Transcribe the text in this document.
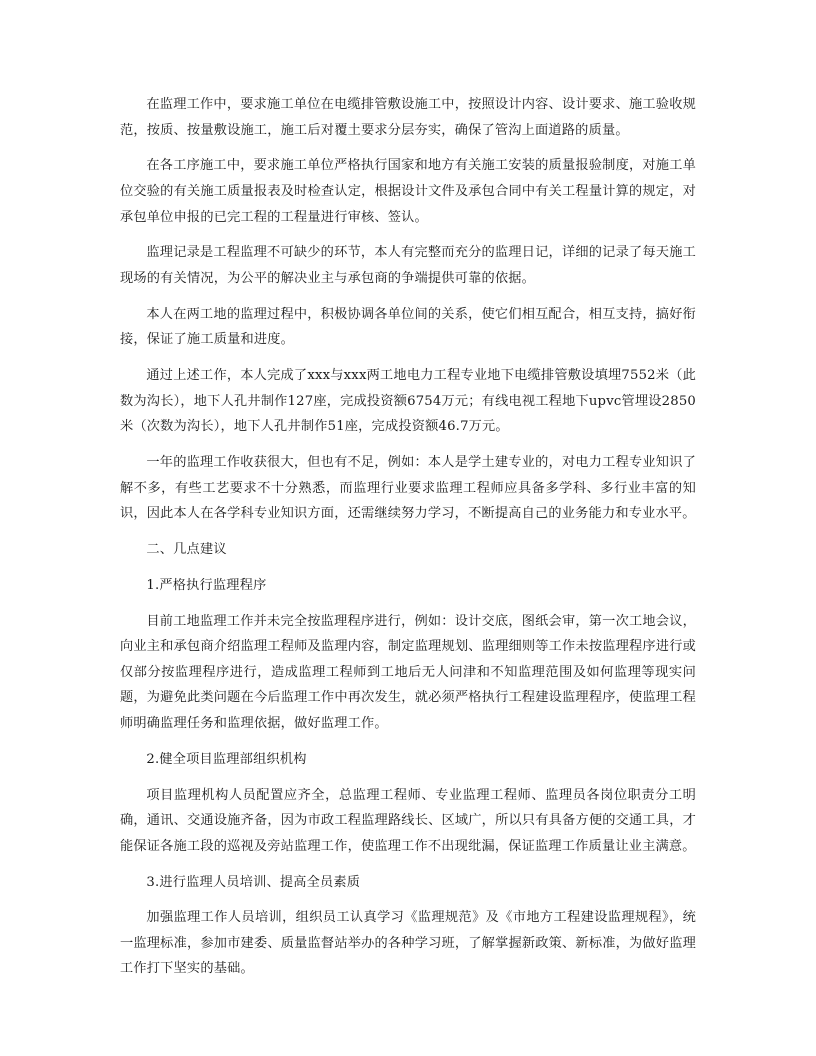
在监理工作中，要求施工单位在电缆排管敷设施工中，按照设计内容、设计要求、施工验收规范，按质、按量敷设施工，施工后对覆土要求分层夯实，确保了管沟上面道路的质量。

在各工序施工中，要求施工单位严格执行国家和地方有关施工安装的质量报验制度，对施工单位交验的有关施工质量报表及时检查认定，根据设计文件及承包合同中有关工程量计算的规定，对承包单位申报的已完工程的工程量进行审核、签认。

监理记录是工程监理不可缺少的环节，本人有完整而充分的监理日记，详细的记录了每天施工现场的有关情况，为公平的解决业主与承包商的争端提供可靠的依据。

本人在两工地的监理过程中，积极协调各单位间的关系，使它们相互配合，相互支持，搞好衔接，保证了施工质量和进度。

通过上述工作，本人完成了xxx与xxx两工地电力工程专业地下电缆排管敷设填埋7552米（此数为沟长），地下人孔井制作127座，完成投资额6754万元；有线电视工程地下upvc管埋设2850米（次数为沟长），地下人孔井制作51座，完成投资额46.7万元。

一年的监理工作收获很大，但也有不足，例如：本人是学土建专业的，对电力工程专业知识了解不多，有些工艺要求不十分熟悉，而监理行业要求监理工程师应具备多学科、多行业丰富的知识，因此本人在各学科专业知识方面，还需继续努力学习，不断提高自己的业务能力和专业水平。

二、几点建议

1.严格执行监理程序

目前工地监理工作并未完全按监理程序进行，例如：设计交底，图纸会审，第一次工地会议，向业主和承包商介绍监理工程师及监理内容，制定监理规划、监理细则等工作未按监理程序进行或仅部分按监理程序进行，造成监理工程师到工地后无人问津和不知监理范围及如何监理等现实问题，为避免此类问题在今后监理工作中再次发生，就必须严格执行工程建设监理程序，使监理工程师明确监理任务和监理依据，做好监理工作。

2.健全项目监理部组织机构

项目监理机构人员配置应齐全，总监理工程师、专业监理工程师、监理员各岗位职责分工明确，通讯、交通设施齐备，因为市政工程监理路线长、区域广，所以只有具备方便的交通工具，才能保证各施工段的巡视及旁站监理工作，使监理工作不出现纰漏，保证监理工作质量让业主满意。

3.进行监理人员培训、提高全员素质

加强监理工作人员培训，组织员工认真学习《监理规范》及《市地方工程建设监理规程》，统一监理标准，参加市建委、质量监督站举办的各种学习班，了解掌握新政策、新标准，为做好监理工作打下坚实的基础。
